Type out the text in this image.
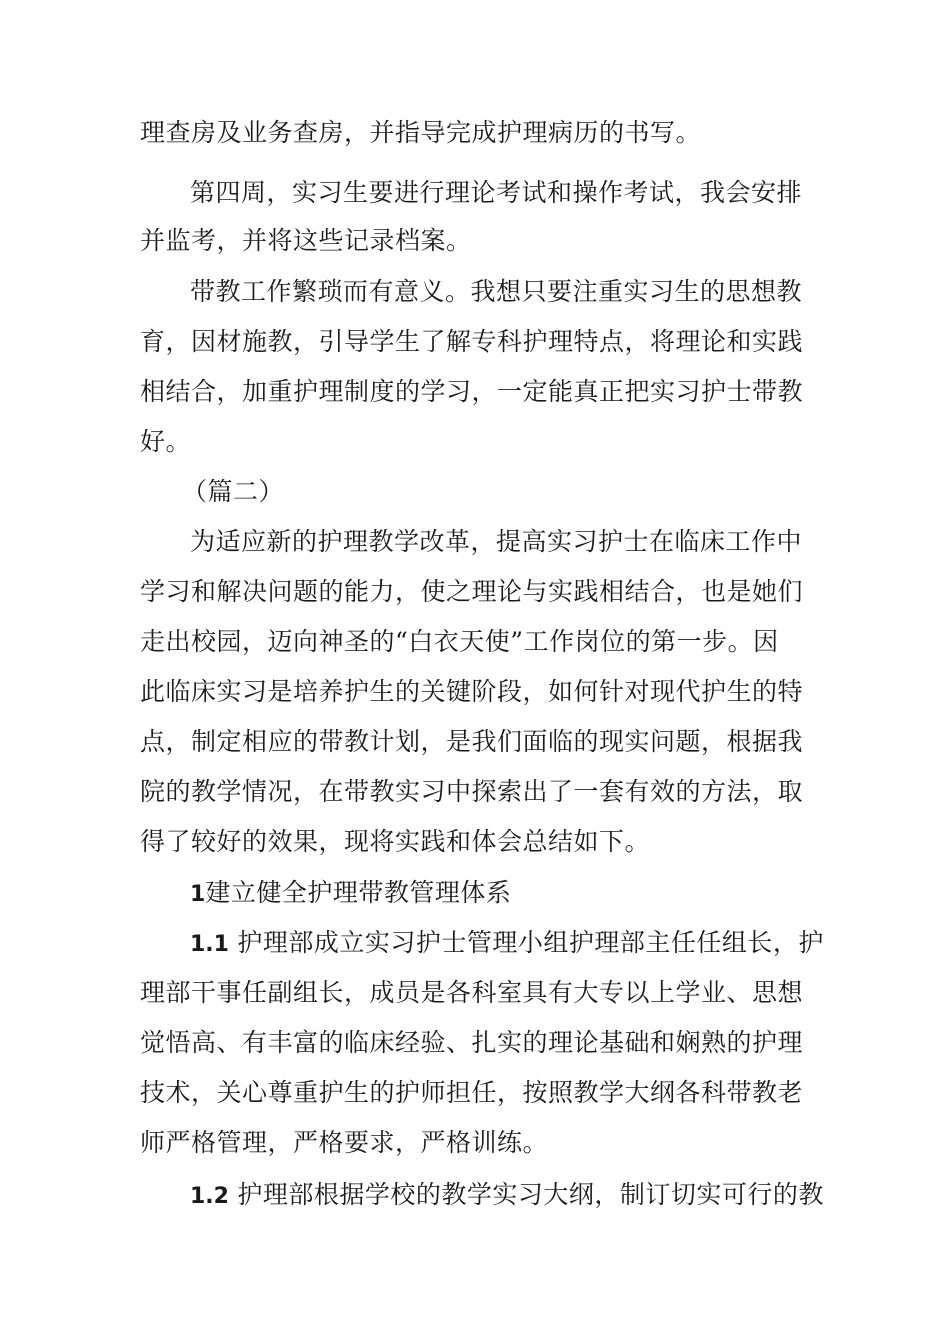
理查房及业务查房，并指导完成护理病历的书写。
第四周，实习生要进行理论考试和操作考试，我会安排
并监考，并将这些记录档案。
带教工作繁琐而有意义。我想只要注重实习生的思想教
育，因材施教，引导学生了解专科护理特点，将理论和实践
相结合，加重护理制度的学习，一定能真正把实习护士带教
好。
（篇二）
为适应新的护理教学改革，提高实习护士在临床工作中
学习和解决问题的能力，使之理论与实践相结合，也是她们
走出校园，迈向神圣的“白衣天使”工作岗位的第一步。因
此临床实习是培养护生的关键阶段，如何针对现代护生的特
点，制定相应的带教计划，是我们面临的现实问题，根据我
院的教学情况，在带教实习中探索出了一套有效的方法，取
得了较好的效果，现将实践和体会总结如下。
1建立健全护理带教管理体系
1.1 护理部成立实习护士管理小组护理部主任任组长，护
理部干事任副组长，成员是各科室具有大专以上学业、思想
觉悟高、有丰富的临床经验、扎实的理论基础和娴熟的护理
技术，关心尊重护生的护师担任，按照教学大纲各科带教老
师严格管理，严格要求，严格训练。
1.2 护理部根据学校的教学实习大纲，制订切实可行的教
